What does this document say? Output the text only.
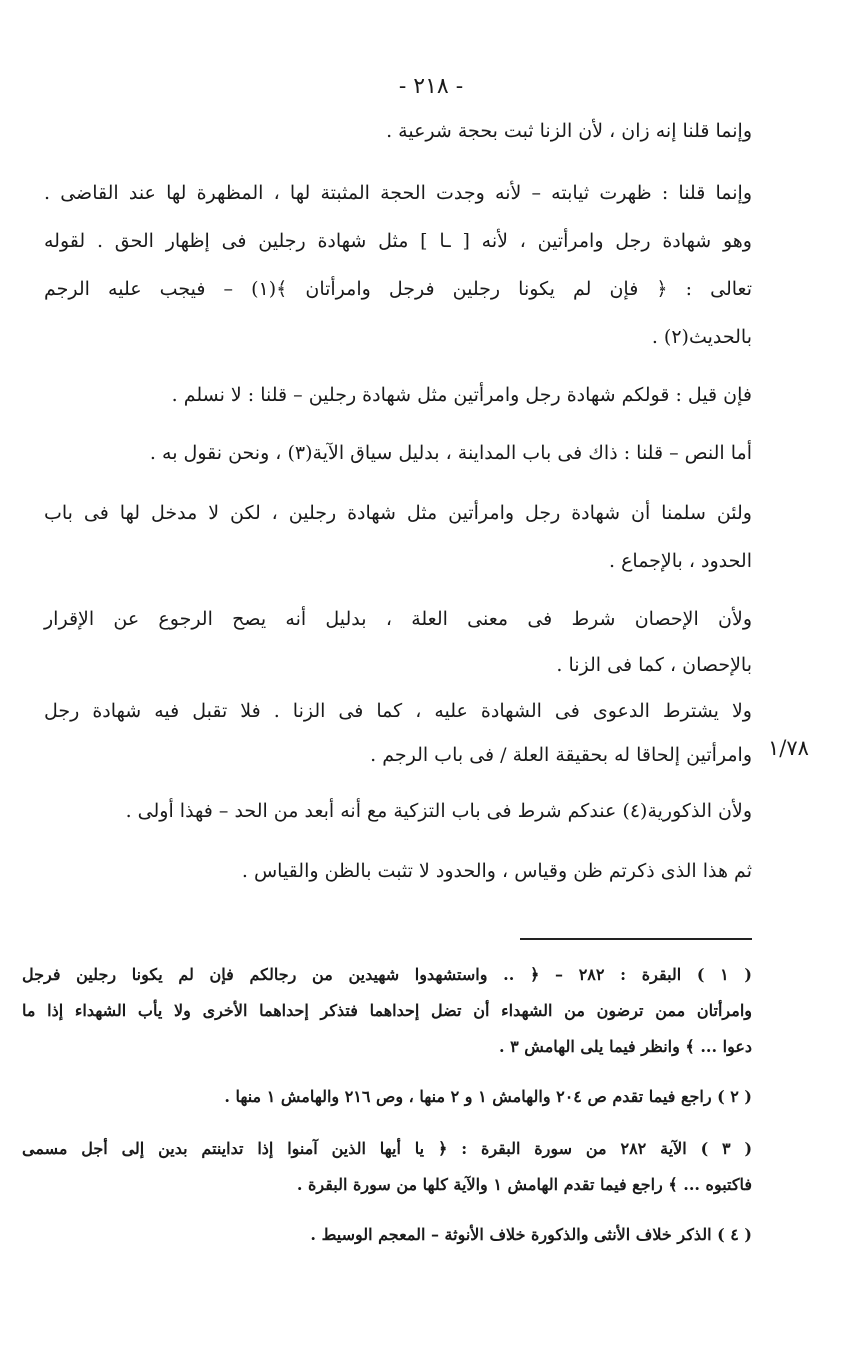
- ٢١٨ -
وإنما قلنا إنه زان ، لأن الزنا ثبت بحجة شرعية .
وإنما قلنا : ظهرت ثيابته – لأنه وجدت الحجة المثبتة لها ، المظهرة لها عند القاضى .
وهو شهادة رجل وامرأتين ، لأنه [ ـا ] مثل شهادة رجلين فى إظهار الحق . لقوله
تعالى : ﴿ فإن لم يكونا رجلين فرجل وامرأتان ﴾(١) – فيجب عليه الرجم
بالحديث(٢) .
فإن قيل : قولكم شهادة رجل وامرأتين مثل شهادة رجلين – قلنا : لا نسلم .
أما النص – قلنا : ذاك فى باب المداينة ، بدليل سياق الآية(٣) ، ونحن نقول به .
ولئن سلمنا أن شهادة رجل وامرأتين مثل شهادة رجلين ، لكن لا مدخل لها فى باب
الحدود ، بالإجماع .
ولأن الإحصان شرط فى معنى العلة ، بدليل أنه يصح الرجوع عن الإقرار
بالإحصان ، كما فى الزنا .
ولا يشترط الدعوى فى الشهادة عليه ، كما فى الزنا . فلا تقبل فيه شهادة رجل
وامرأتين إلحاقا له بحقيقة العلة / فى باب الرجم . ١/٧٨
ولأن الذكورية(٤) عندكم شرط فى باب التزكية مع أنه أبعد من الحد – فهذا أولى .
ثم هذا الذى ذكرتم ظن وقياس ، والحدود لا تثبت بالظن والقياس .
( ١ ) البقرة : ٢٨٢ – ﴿ .. واستشهدوا شهيدين من رجالكم فإن لم يكونا رجلين فرجل
وامرأتان ممن ترضون من الشهداء أن تضل إحداهما فتذكر إحداهما الأخرى ولا يأب الشهداء إذا ما
دعوا ... ﴾ وانظر فيما يلى الهامش ٣ .
( ٢ ) راجع فيما تقدم ص ٢٠٤ والهامش ١ و ٢ منها ، وص ٢١٦ والهامش ١ منها .
( ٣ ) الآية ٢٨٢ من سورة البقرة : ﴿ يا أيها الذين آمنوا إذا تداينتم بدين إلى أجل مسمى
فاكتبوه ... ﴾ راجع فيما تقدم الهامش ١ والآية كلها من سورة البقرة .
( ٤ ) الذكر خلاف الأنثى والذكورة خلاف الأنوثة – المعجم الوسيط .
